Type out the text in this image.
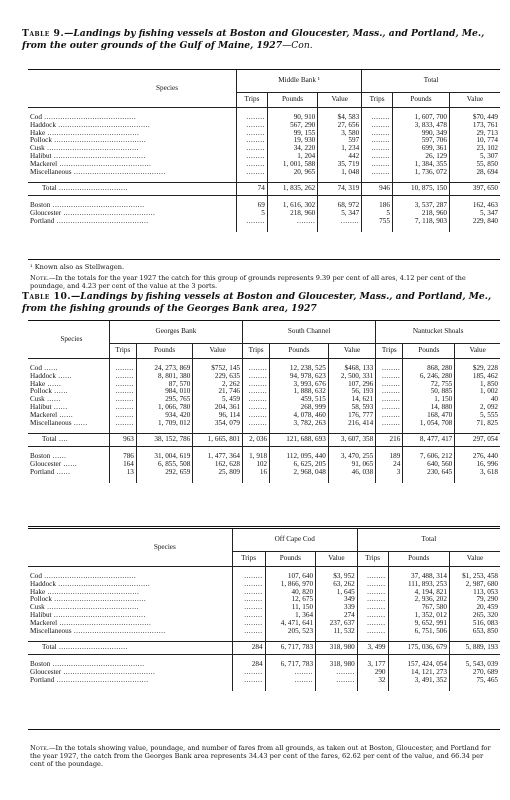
Table 9.—Landings by fishing vessels at Boston and Gloucester, Mass., and Portland, Me., from the outer grounds of the Gulf of Maine, 1927—Con.
Species	Middle Bank ¹			Total		
	Trips	Pounds	Value	Trips	Pounds	Value

Cod ........................................	........	90, 910	$4, 583	........	1, 607, 700	$70, 449
Haddock ........................................	........	567, 290	27, 656	........	3, 833, 478	173, 761
Hake ........................................	........	99, 155	3, 580	........	990, 349	29, 713
Pollock ........................................	........	19, 930	597	........	597, 706	10, 774
Cusk ........................................	........	34, 220	1, 234	........	699, 361	23, 102
Halibut ........................................	........	1, 204	442	........	26, 129	5, 307
Mackerel ........................................	........	1, 001, 588	35, 719	........	1, 384, 355	55, 850
Miscellaneous ........................................	........	20, 965	1, 048	........	1, 736, 072	28, 694

Total ..............................	74	1, 835, 262	74, 319	946	10, 875, 150	397, 650

Boston ........................................	69	1, 616, 302	68, 972	186	3, 537, 287	162, 463
Gloucester ........................................	5	218, 960	5, 347	5	218, 960	5, 347
Portland ........................................	........	........	........	755	7, 118, 903	229, 840

¹ Known also as Stellwagen.
Note.—In the totals for the year 1927 the catch for this group of grounds represents 9.39 per cent of all ares, 4.12 per cent of the poundage, and 4.23 per cent of the value at the 3 ports.
Table 10.—Landings by fishing vessels at Boston and Gloucester, Mass., and Portland, Me., from the fishing grounds of the Georges Bank area, 1927
Species	Georges Bank			South Channel			Nantucket Shoals		
	Trips	Pounds	Value	Trips	Pounds	Value	Trips	Pounds	Value

Cod ......	........	24, 273, 869	$752, 145	........	12, 238, 525	$468, 133	........	868, 280	$29, 228
Haddock ......	........	8, 801, 380	229, 635	........	94, 978, 623	2, 500, 331	........	6, 246, 280	185, 462
Hake ......	........	87, 570	2, 262	........	3, 993, 676	107, 296	........	72, 755	1, 850
Pollock ......	........	984, 010	21, 746	........	1, 888, 632	56, 193	........	50, 885	1, 002
Cusk ......	........	295, 765	5, 459	........	459, 515	14, 621	........	1, 150	40
Halibut ......	........	1, 066, 780	204, 361	........	268, 999	58, 593	........	14, 880	2, 092
Mackerel ......	........	934, 420	96, 114	........	4, 078, 460	176, 777	........	168, 470	5, 555
Miscellaneous ......	........	1, 709, 012	354, 079	........	3, 782, 263	216, 414	........	1, 054, 708	71, 825

Total ....	963	38, 152, 786	1, 665, 801	2, 036	121, 688, 693	3, 607, 358	216	8, 477, 417	297, 054

Boston ......	786	31, 004, 619	1, 477, 364	1, 918	112, 095, 440	3, 470, 255	189	7, 606, 212	276, 440
Gloucester ......	164	6, 855, 508	162, 628	102	6, 625, 205	91, 065	24	640, 560	16, 996
Portland ......	13	292, 659	25, 809	16	2, 968, 048	46, 038	3	230, 645	3, 618

Species	Off Cape Cod			Total		
	Trips	Pounds	Value	Trips	Pounds	Value

Cod ........................................	........	107, 640	$3, 952	........	37, 488, 314	$1, 253, 458
Haddock ........................................	........	1, 866, 970	63, 262	........	111, 893, 253	2, 987, 680
Hake ........................................	........	40, 820	1, 645	........	4, 194, 821	113, 053
Pollock ........................................	........	12, 675	349	........	2, 936, 202	79, 290
Cusk ........................................	........	11, 150	339	........	767, 580	20, 459
Halibut ........................................	........	1, 364	274	........	1, 352, 012	265, 320
Mackerel ........................................	........	4, 471, 641	237, 637	........	9, 652, 991	516, 083
Miscellaneous ........................................	........	205, 523	11, 532	........	6, 751, 506	653, 850

Total ..............................	284	6, 717, 783	318, 980	3, 499	175, 036, 679	5, 889, 193

Boston ........................................	284	6, 717, 783	318, 980	3, 177	157, 424, 054	5, 543, 039
Gloucester ........................................	........	........	........	290	14, 121, 273	270, 689
Portland ........................................	........	........	........	32	3, 491, 352	75, 465

Note.—In the totals showing value, poundage, and number of fares from all grounds, as taken out at Boston, Gloucester, and Portland for the year 1927, the catch from the Georges Bank area represents 34.43 per cent of the fares, 62.62 per cent of the value, and 66.34 per cent of the poundage.
